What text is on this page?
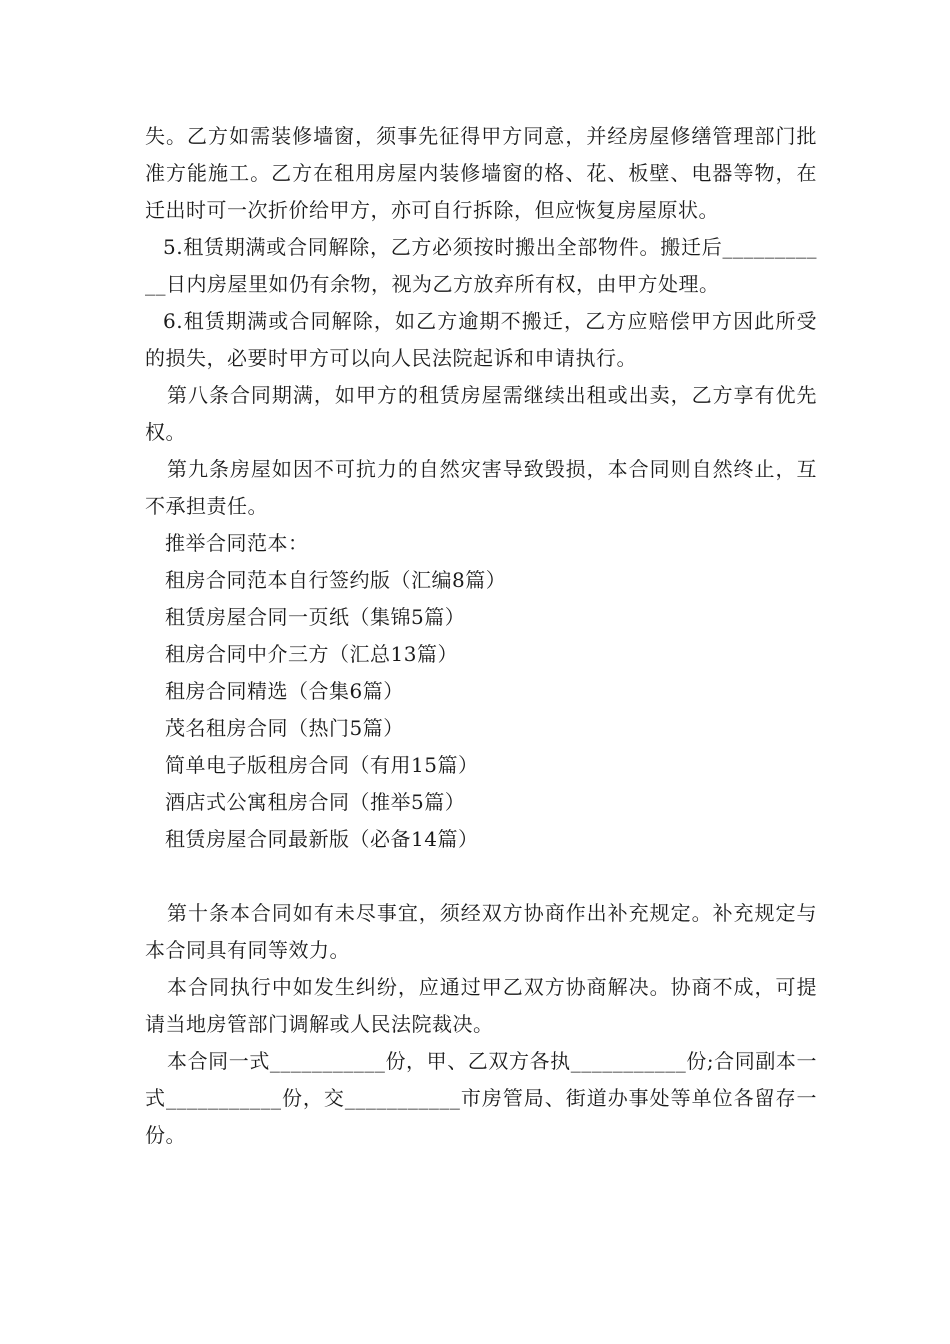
失。乙方如需装修墙窗，须事先征得甲方同意，并经房屋修缮管理部门批准方能施工。乙方在租用房屋内装修墙窗的格、花、板壁、电器等物，在迁出时可一次折价给甲方，亦可自行拆除，但应恢复房屋原状。

5.租赁期满或合同解除，乙方必须按时搬出全部物件。搬迁后___________日内房屋里如仍有余物，视为乙方放弃所有权，由甲方处理。

6.租赁期满或合同解除，如乙方逾期不搬迁，乙方应赔偿甲方因此所受的损失，必要时甲方可以向人民法院起诉和申请执行。

第八条合同期满，如甲方的租赁房屋需继续出租或出卖，乙方享有优先权。

第九条房屋如因不可抗力的自然灾害导致毁损，本合同则自然终止，互不承担责任。

推举合同范本：

租房合同范本自行签约版（汇编8篇）

租赁房屋合同一页纸（集锦5篇）

租房合同中介三方（汇总13篇）

租房合同精选（合集6篇）

茂名租房合同（热门5篇）

简单电子版租房合同（有用15篇）

酒店式公寓租房合同（推举5篇）

租赁房屋合同最新版（必备14篇）

第十条本合同如有未尽事宜，须经双方协商作出补充规定。补充规定与本合同具有同等效力。

本合同执行中如发生纠纷，应通过甲乙双方协商解决。协商不成，可提请当地房管部门调解或人民法院裁决。

本合同一式___________份，甲、乙双方各执___________份;合同副本一式___________份，交___________市房管局、街道办事处等单位各留存一份。
